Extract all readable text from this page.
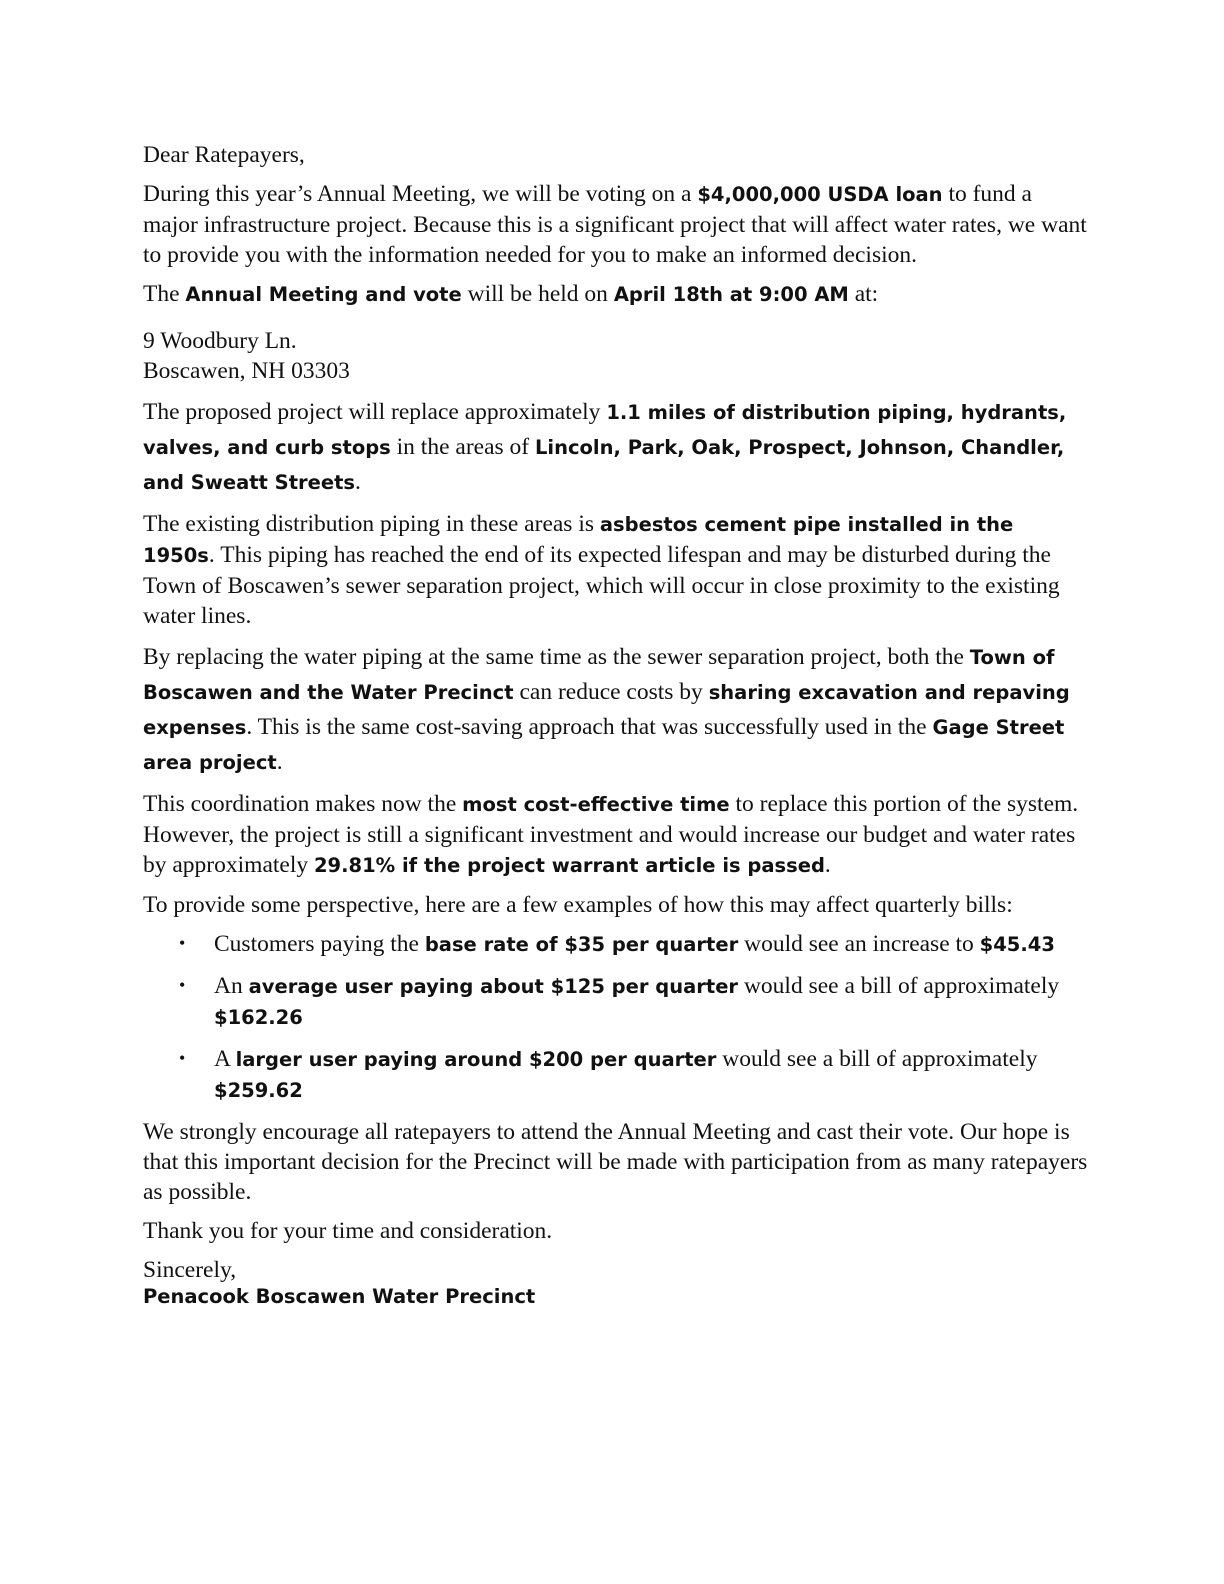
Dear Ratepayers,

During this year’s Annual Meeting, we will be voting on a $4,000,000 USDA loan to fund a major infrastructure project. Because this is a significant project that will affect water rates, we want to provide you with the information needed for you to make an informed decision.

The Annual Meeting and vote will be held on April 18th at 9:00 AM at:

9 Woodbury Ln.
Boscawen, NH 03303

The proposed project will replace approximately 1.1 miles of distribution piping, hydrants, valves, and curb stops in the areas of Lincoln, Park, Oak, Prospect, Johnson, Chandler, and Sweatt Streets.

The existing distribution piping in these areas is asbestos cement pipe installed in the 1950s. This piping has reached the end of its expected lifespan and may be disturbed during the Town of Boscawen’s sewer separation project, which will occur in close proximity to the existing water lines.

By replacing the water piping at the same time as the sewer separation project, both the Town of Boscawen and the Water Precinct can reduce costs by sharing excavation and repaving expenses. This is the same cost-saving approach that was successfully used in the Gage Street area project.

This coordination makes now the most cost-effective time to replace this portion of the system. However, the project is still a significant investment and would increase our budget and water rates by approximately 29.81% if the project warrant article is passed.

To provide some perspective, here are a few examples of how this may affect quarterly bills:

• Customers paying the base rate of $35 per quarter would see an increase to $45.43
• An average user paying about $125 per quarter would see a bill of approximately $162.26
• A larger user paying around $200 per quarter would see a bill of approximately $259.62

We strongly encourage all ratepayers to attend the Annual Meeting and cast their vote. Our hope is that this important decision for the Precinct will be made with participation from as many ratepayers as possible.

Thank you for your time and consideration.

Sincerely,
Penacook Boscawen Water Precinct
